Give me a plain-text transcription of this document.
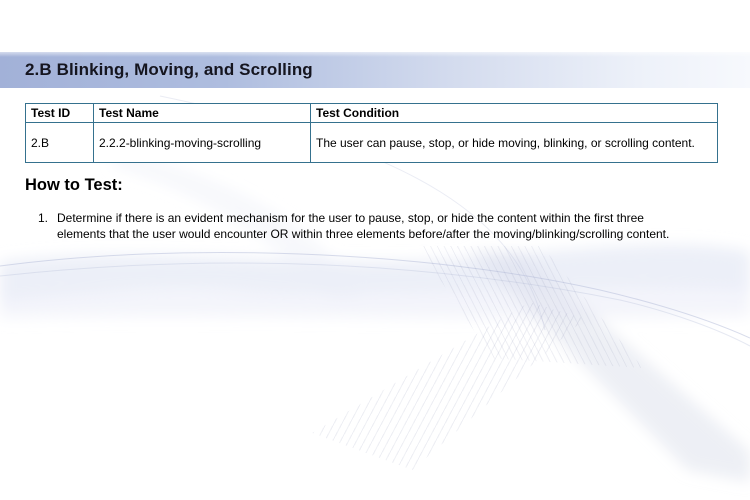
2.B Blinking, Moving, and Scrolling
Test ID	Test Name	Test Condition
2.B	2.2.2-blinking-moving-scrolling	The user can pause, stop, or hide moving, blinking, or scrolling content.
How to Test:
1. Determine if there is an evident mechanism for the user to pause, stop, or hide the content within the first three elements that the user would encounter OR within three elements before/after the moving/blinking/scrolling content.
